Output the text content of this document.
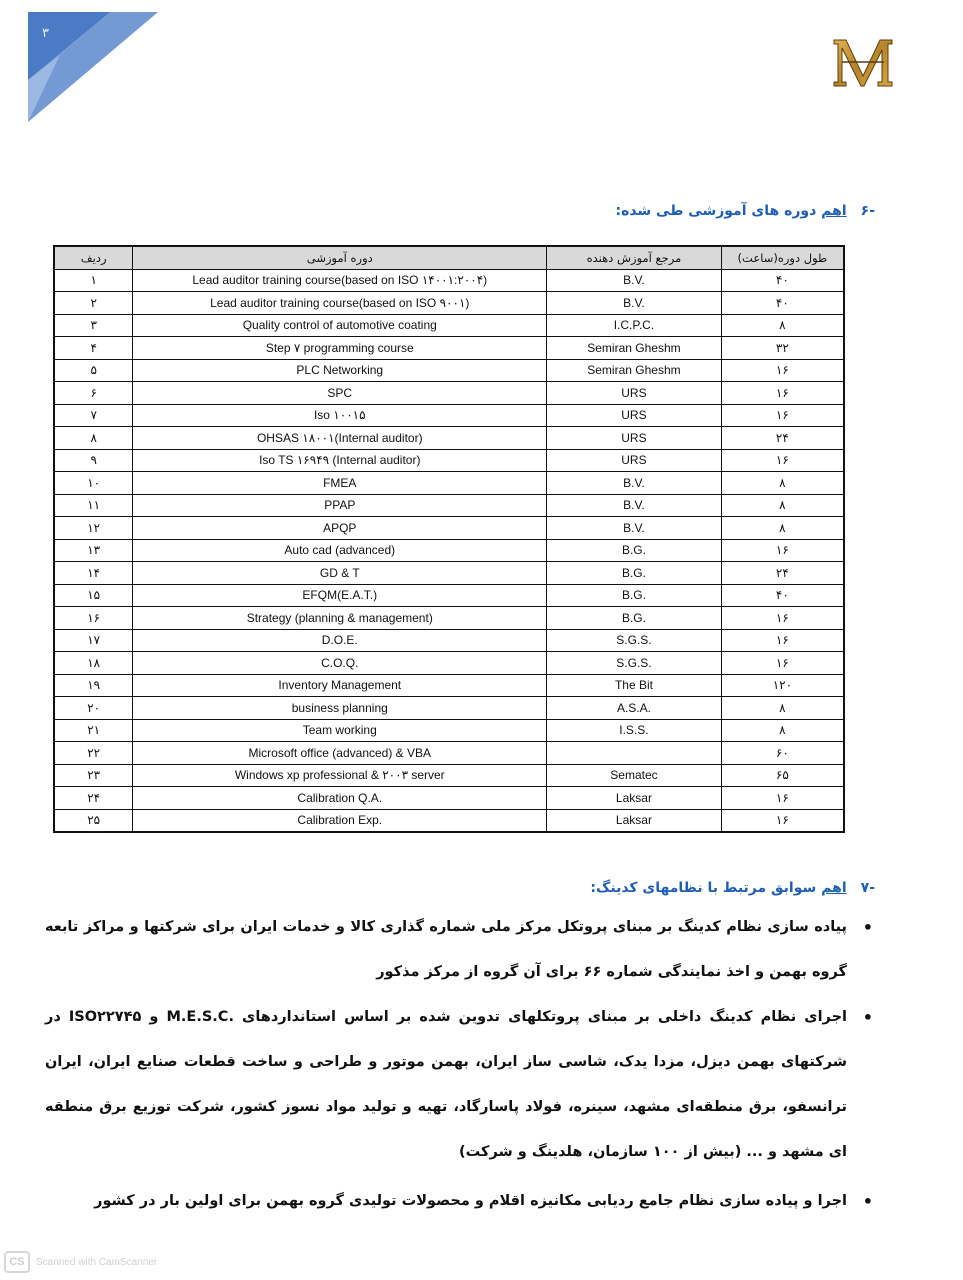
۳
-۶اهم دوره های آموزشی طی شده:
طول دوره(ساعت)	مرجع آموزش دهنده	دوره آموزشی	ردیف
۴۰	B.V.	Lead auditor training course(based on ISO ۱۴۰۰۱:۲۰۰۴)	۱
۴۰	B.V.	Lead auditor training course(based on ISO ۹۰۰۱)	۲
۸	I.C.P.C.	Quality control of automotive coating	۳
۳۲	Semiran Gheshm	Step ۷ programming course	۴
۱۶	Semiran Gheshm	PLC Networking	۵
۱۶	URS	SPC	۶
۱۶	URS	Iso ۱۰۰۱۵	۷
۲۴	URS	OHSAS ۱۸۰۰۱(Internal auditor)	۸
۱۶	URS	Iso TS ۱۶۹۴۹ (Internal auditor)	۹
۸	B.V.	FMEA	۱۰
۸	B.V.	PPAP	۱۱
۸	B.V.	APQP	۱۲
۱۶	B.G.	Auto cad (advanced)	۱۳
۲۴	B.G.	GD & T	۱۴
۴۰	B.G.	EFQM(E.A.T.)	۱۵
۱۶	B.G.	Strategy (planning & management)	۱۶
۱۶	S.G.S.	D.O.E.	۱۷
۱۶	S.G.S.	C.O.Q.	۱۸
۱۲۰	The Bit	Inventory Management	۱۹
۸	A.S.A.	business planning	۲۰
۸	I.S.S.	Team working	۲۱
۶۰		Microsoft office (advanced) & VBA	۲۲
۶۵	Sematec	Windows xp professional & ۲۰۰۳ server	۲۳
۱۶	Laksar	Calibration Q.A.	۲۴
۱۶	Laksar	Calibration Exp.	۲۵
-۷اهم سوابق مرتبط با نظامهای کدینگ:
• پیاده سازی نظام کدینگ بر مبنای پروتکل مرکز ملی شماره گذاری کالا و خدمات ایران برای شرکتها و مراکز تابعه گروه بهمن و اخذ نمایندگی شماره ۶۶ برای آن گروه از مرکز مذکور
• اجرای نظام کدینگ داخلی بر مبنای پروتکلهای تدوین شده بر اساس استانداردهای .M.E.S.C و ISO۲۲۷۴۵ در شرکتهای بهمن دیزل، مزدا یدک، شاسی ساز ایران، بهمن موتور و طراحی و ساخت قطعات صنایع ایران، ایران ترانسفو، برق منطقه‌ای مشهد، سینره، فولاد پاسارگاد، تهیه و تولید مواد نسوز کشور، شرکت توزیع برق منطقه ای مشهد و ... (بیش از ۱۰۰ سازمان، هلدینگ و شرکت)
• اجرا و پیاده سازی نظام جامع ردیابی مکانیزه اقلام و محصولات تولیدی گروه بهمن برای اولین بار در کشور
CS	Scanned with CamScanner
